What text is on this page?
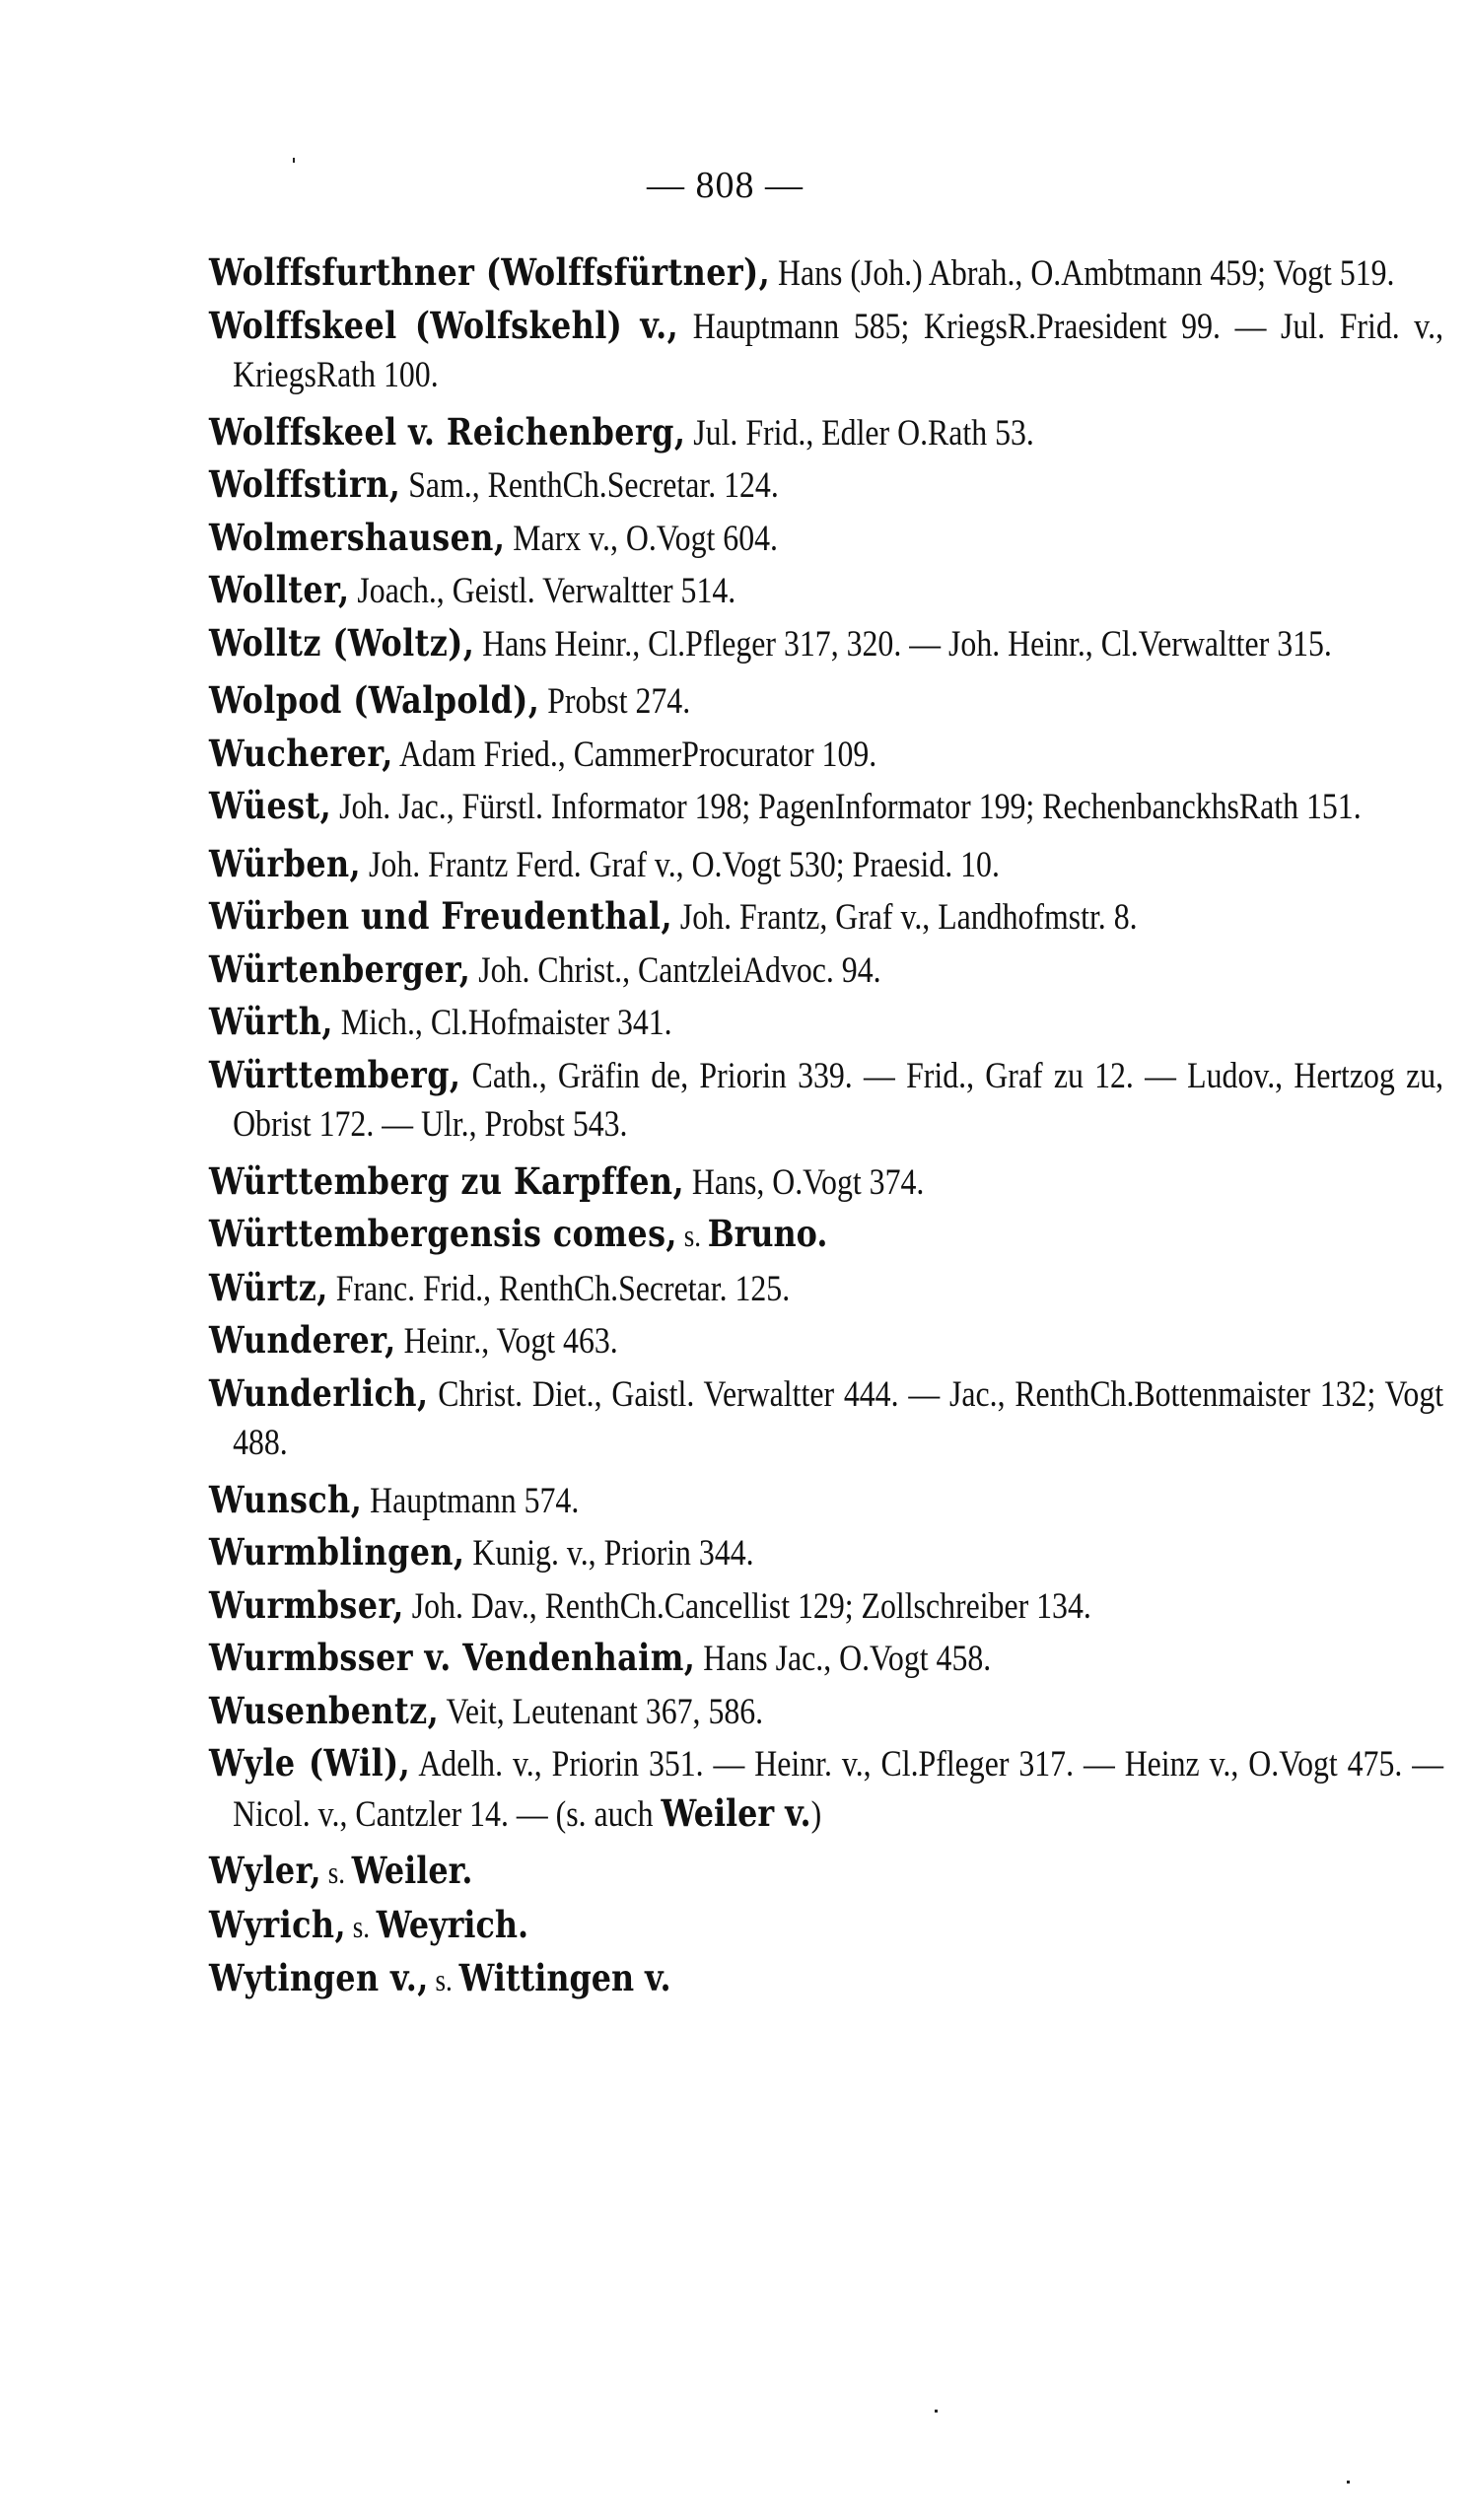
— 808 —

Wolffsfurthner (Wolffsfürtner), Hans (Joh.) Abrah., O.Ambtmann 459; Vogt 519.

Wolffskeel (Wolfskehl) v., Hauptmann 585; KriegsR.Praesident 99. — Jul. Frid. v., KriegsRath 100.

Wolffskeel v. Reichenberg, Jul. Frid., Edler O.Rath 53.

Wolffstirn, Sam., RenthCh.Secretar. 124.

Wolmershausen, Marx v., O.Vogt 604.

Wollter, Joach., Geistl. Verwaltter 514.

Wolltz (Woltz), Hans Heinr., Cl.Pfleger 317, 320. — Joh. Heinr., Cl.Verwaltter 315.

Wolpod (Walpold), Probst 274.

Wucherer, Adam Fried., CammerProcurator 109.

Wüest, Joh. Jac., Fürstl. Informator 198; PagenInformator 199; RechenbanckhsRath 151.

Würben, Joh. Frantz Ferd. Graf v., O.Vogt 530; Praesid. 10.

Würben und Freudenthal, Joh. Frantz, Graf v., Landhofmstr. 8.

Würtenberger, Joh. Christ., CantzleiAdvoc. 94.

Würth, Mich., Cl.Hofmaister 341.

Württemberg, Cath., Gräfin de, Priorin 339. — Frid., Graf zu 12. — Ludov., Hertzog zu, Obrist 172. — Ulr., Probst 543.

Württemberg zu Karpffen, Hans, O.Vogt 374.

Württembergensis comes, s. Bruno.

Würtz, Franc. Frid., RenthCh.Secretar. 125.

Wunderer, Heinr., Vogt 463.

Wunderlich, Christ. Diet., Gaistl. Verwaltter 444. — Jac., RenthCh.Bottenmaister 132; Vogt 488.

Wunsch, Hauptmann 574.

Wurmblingen, Kunig. v., Priorin 344.

Wurmbser, Joh. Dav., RenthCh.Cancellist 129; Zollschreiber 134.

Wurmbsser v. Vendenhaim, Hans Jac., O.Vogt 458.

Wusenbentz, Veit, Leutenant 367, 586.

Wyle (Wil), Adelh. v., Priorin 351. — Heinr. v., Cl.Pfleger 317. — Heinz v., O.Vogt 475. — Nicol. v., Cantzler 14. — (s. auch Weiler v.)

Wyler, s. Weiler.

Wyrich, s. Weyrich.

Wytingen v., s. Wittingen v.
